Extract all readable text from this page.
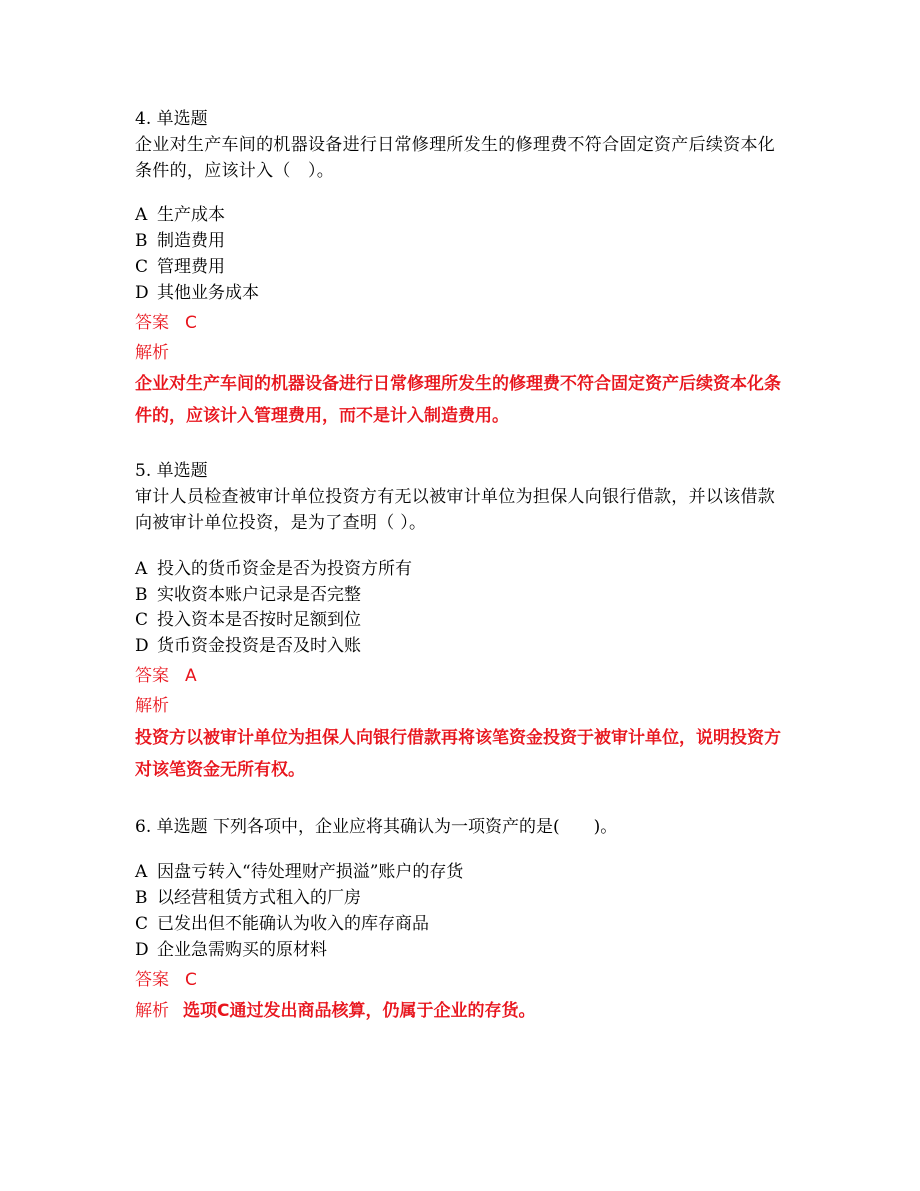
4. 单选题

企业对生产车间的机器设备进行日常修理所发生的修理费不符合固定资产后续资本化条件的，应该计入（　）。

A 生产成本

B 制造费用

C 管理费用

D 其他业务成本

答案 C

解析

企业对生产车间的机器设备进行日常修理所发生的修理费不符合固定资产后续资本化条件的，应该计入管理费用，而不是计入制造费用。

5. 单选题

审计人员检查被审计单位投资方有无以被审计单位为担保人向银行借款，并以该借款向被审计单位投资，是为了查明（ ）。

A 投入的货币资金是否为投资方所有

B 实收资本账户记录是否完整

C 投入资本是否按时足额到位

D 货币资金投资是否及时入账

答案 A

解析

投资方以被审计单位为担保人向银行借款再将该笔资金投资于被审计单位，说明投资方对该笔资金无所有权。

6. 单选题 下列各项中，企业应将其确认为一项资产的是(　　)。

A 因盘亏转入“待处理财产损溢”账户的存货

B 以经营租赁方式租入的厂房

C 已发出但不能确认为收入的库存商品

D 企业急需购买的原材料

答案 C

解析 选项C通过发出商品核算，仍属于企业的存货。
